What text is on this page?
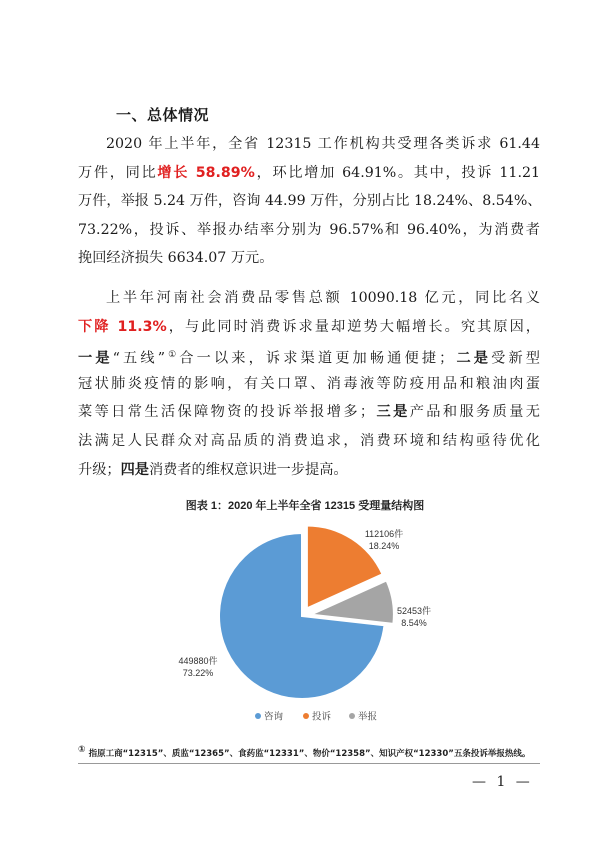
一、总体情况
2020 年上半年，全省 12315 工作机构共受理各类诉求 61.44
万件，同比增长 58.89%，环比增加 64.91%。其中，投诉 11.21
万件，举报 5.24 万件，咨询 44.99 万件，分别占比 18.24%、8.54%、
73.22%，投诉、举报办结率分别为 96.57%和 96.40%，为消费者
挽回经济损失 6634.07 万元。
上半年河南社会消费品零售总额 10090.18 亿元，同比名义
下降 11.3%，与此同时消费诉求量却逆势大幅增长。究其原因，
一是“五线”①合一以来，诉求渠道更加畅通便捷；二是受新型
冠状肺炎疫情的影响，有关口罩、消毒液等防疫用品和粮油肉蛋
菜等日常生活保障物资的投诉举报增多；三是产品和服务质量无
法满足人民群众对高品质的消费追求，消费环境和结构亟待优化
升级；四是消费者的维权意识进一步提高。
图表 1：2020 年上半年全省 12315 受理量结构图
112106件
18.24%
52453件
8.54%
449880件
73.22%
咨询	投诉	举报
① 指原工商“12315”、质监“12365”、食药监“12331”、物价“12358”、知识产权“12330”五条投诉举报热线。
— 1 —
